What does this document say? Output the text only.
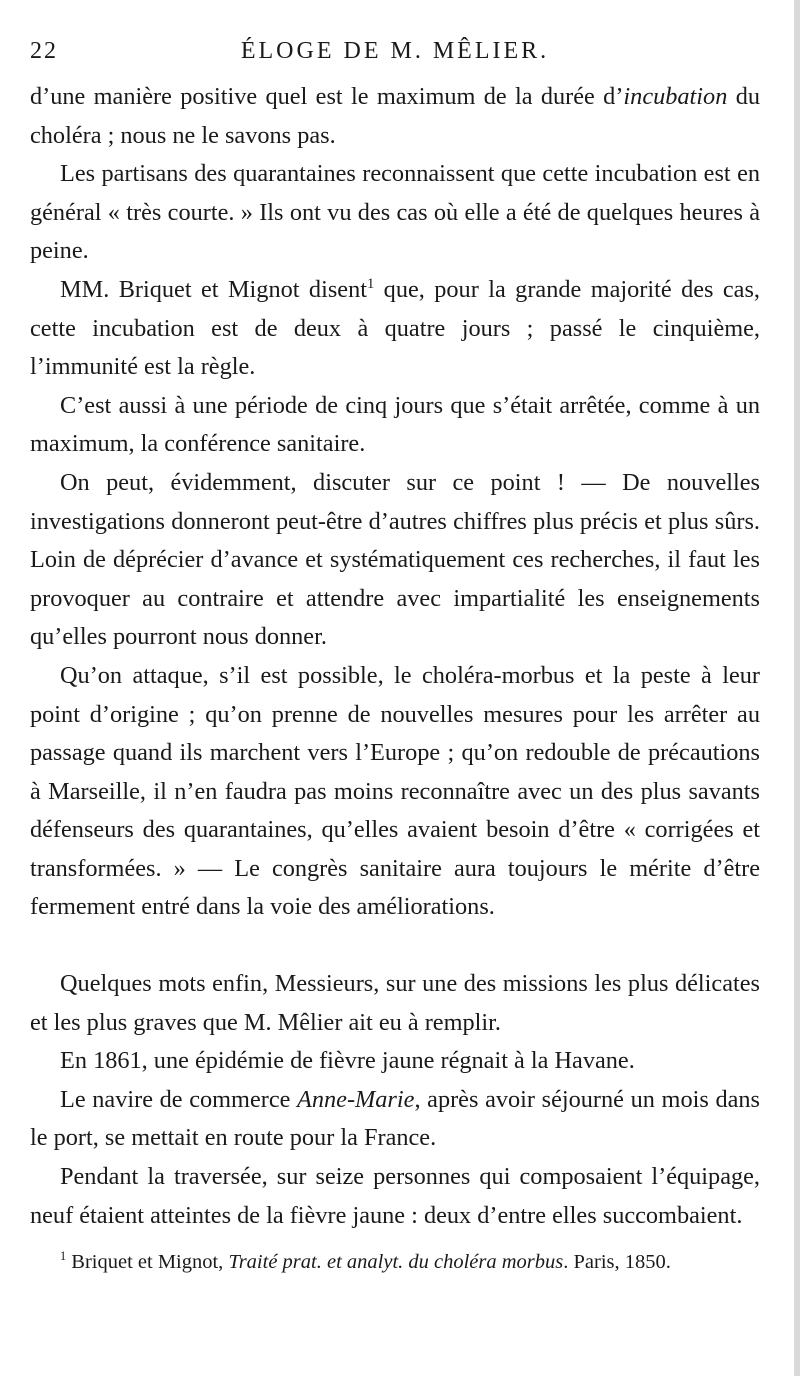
22	ÉLOGE DE M. MÊLIER.

d’une manière positive quel est le maximum de la durée d’incubation du choléra ; nous ne le savons pas.

Les partisans des quarantaines reconnaissent que cette incubation est en général « très courte. » Ils ont vu des cas où elle a été de quelques heures à peine.

MM. Briquet et Mignot disent$^1$ que, pour la grande majorité des cas, cette incubation est de deux à quatre jours ; passé le cinquième, l’immunité est la règle.

C’est aussi à une période de cinq jours que s’était arrêtée, comme à un maximum, la conférence sanitaire.

On peut, évidemment, discuter sur ce point ! — De nouvelles investigations donneront peut-être d’autres chiffres plus précis et plus sûrs. Loin de déprécier d’avance et systématiquement ces recherches, il faut les provoquer au contraire et attendre avec impartialité les enseignements qu’elles pourront nous donner.

Qu’on attaque, s’il est possible, le choléra-morbus et la peste à leur point d’origine ; qu’on prenne de nouvelles mesures pour les arrêter au passage quand ils marchent vers l’Europe ; qu’on redouble de précautions à Marseille, il n’en faudra pas moins reconnaître avec un des plus savants défenseurs des quarantaines, qu’elles avaient besoin d’être « corrigées et transformées. » — Le congrès sanitaire aura toujours le mérite d’être fermement entré dans la voie des améliorations.

Quelques mots enfin, Messieurs, sur une des missions les plus délicates et les plus graves que M. Mêlier ait eu à remplir.

En 1861, une épidémie de fièvre jaune régnait à la Havane.

Le navire de commerce Anne-Marie, après avoir séjourné un mois dans le port, se mettait en route pour la France.

Pendant la traversée, sur seize personnes qui composaient l’équipage, neuf étaient atteintes de la fièvre jaune : deux d’entre elles succombaient.

$^1$ Briquet et Mignot, Traité prat. et analyt. du choléra morbus. Paris, 1850.
